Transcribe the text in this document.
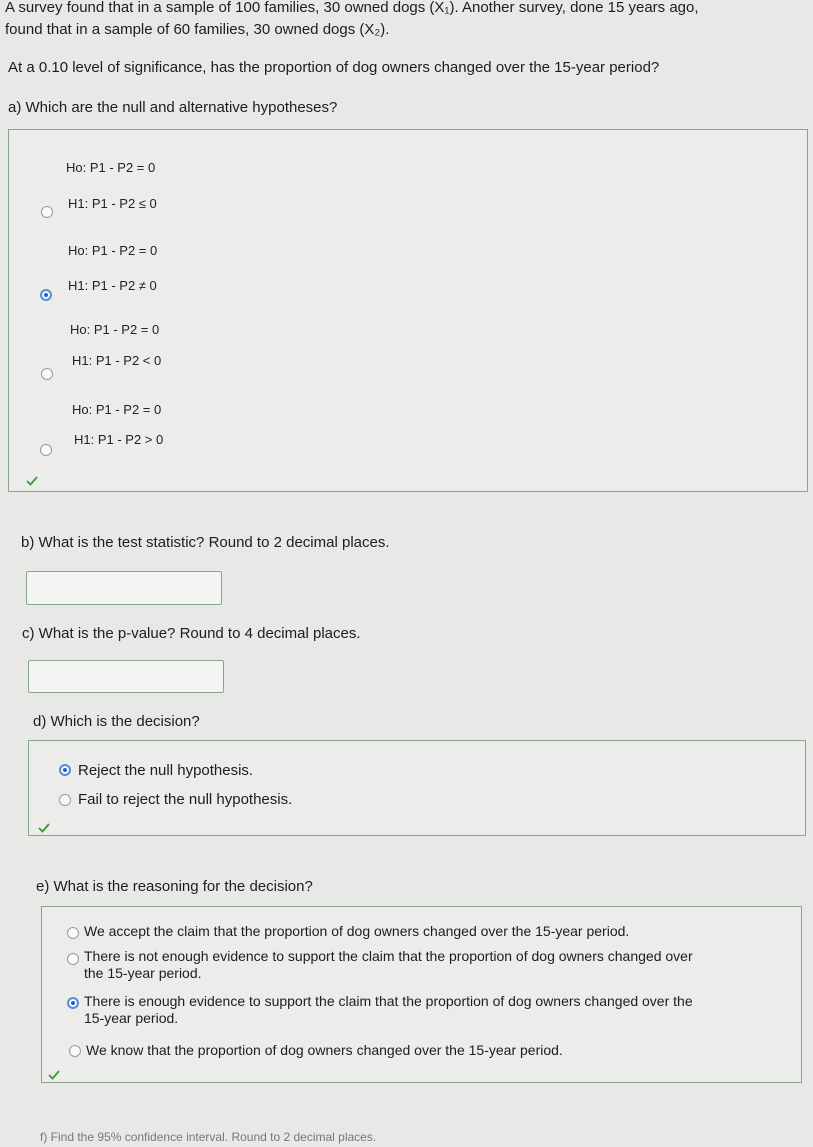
A survey found that in a sample of 100 families, 30 owned dogs (X₁). Another survey, done 15 years ago,
found that in a sample of 60 families, 30 owned dogs (X₂).
At a 0.10 level of significance, has the proportion of dog owners changed over the 15-year period?
a) Which are the null and alternative hypotheses?
Ho: P1 - P2 = 0
H1: P1 - P2 ≤ 0
Ho: P1 - P2 = 0
H1: P1 - P2 ≠ 0
Ho: P1 - P2 = 0
H1: P1 - P2 < 0
Ho: P1 - P2 = 0
H1: P1 - P2 > 0
b) What is the test statistic? Round to 2 decimal places.
c) What is the p-value? Round to 4 decimal places.
d) Which is the decision?
Reject the null hypothesis.
Fail to reject the null hypothesis.
e) What is the reasoning for the decision?
We accept the claim that the proportion of dog owners changed over the 15-year period.
There is not enough evidence to support the claim that the proportion of dog owners changed over
the 15-year period.
There is enough evidence to support the claim that the proportion of dog owners changed over the
15-year period.
We know that the proportion of dog owners changed over the 15-year period.
f) Find the 95% confidence interval. Round to 2 decimal places.
